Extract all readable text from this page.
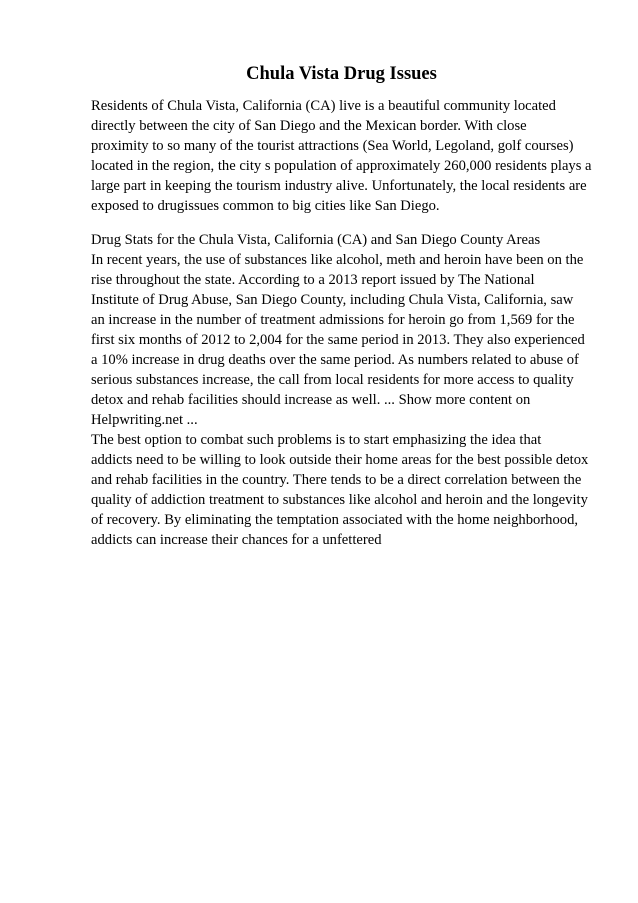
Chula Vista Drug Issues

Residents of Chula Vista, California (CA) live is a beautiful community located

directly between the city of San Diego and the Mexican border. With close

proximity to so many of the tourist attractions (Sea World, Legoland, golf courses)

located in the region, the city s population of approximately 260,000 residents plays a

large part in keeping the tourism industry alive. Unfortunately, the local residents are

exposed to drugissues common to big cities like San Diego.

Drug Stats for the Chula Vista, California (CA) and San Diego County Areas

In recent years, the use of substances like alcohol, meth and heroin have been on the

rise throughout the state. According to a 2013 report issued by The National

Institute of Drug Abuse, San Diego County, including Chula Vista, California, saw

an increase in the number of treatment admissions for heroin go from 1,569 for the

first six months of 2012 to 2,004 for the same period in 2013. They also experienced

a 10% increase in drug deaths over the same period. As numbers related to abuse of

serious substances increase, the call from local residents for more access to quality

detox and rehab facilities should increase as well. ... Show more content on

Helpwriting.net ...

The best option to combat such problems is to start emphasizing the idea that

addicts need to be willing to look outside their home areas for the best possible detox

and rehab facilities in the country. There tends to be a direct correlation between the

quality of addiction treatment to substances like alcohol and heroin and the longevity

of recovery. By eliminating the temptation associated with the home neighborhood,

addicts can increase their chances for a unfettered
